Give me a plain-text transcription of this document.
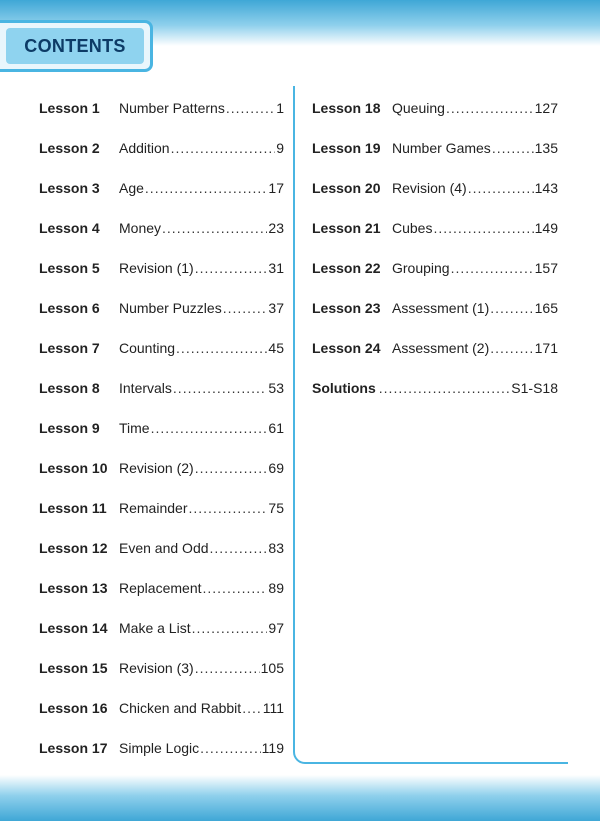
CONTENTS
Lesson 1	Number Patterns .....	1
Lesson 2	Addition .....	9
Lesson 3	Age .....	17
Lesson 4	Money .....	23
Lesson 5	Revision (1) .....	31
Lesson 6	Number Puzzles .....	37
Lesson 7	Counting .....	45
Lesson 8	Intervals .....	53
Lesson 9	Time .....	61
Lesson 10 Revision (2) .....	69
Lesson 11 Remainder .....	75
Lesson 12 Even and Odd .....	83
Lesson 13 Replacement .....	89
Lesson 14 Make a List .....	97
Lesson 15 Revision (3) .....	105
Lesson 16 Chicken and Rabbit ..... 111
Lesson 17 Simple Logic .....	119
Lesson 18 Queuing .....	127
Lesson 19 Number Games .....	135
Lesson 20 Revision (4) .....	143
Lesson 21 Cubes .....	149
Lesson 22 Grouping .....	157
Lesson 23 Assessment (1) .....	165
Lesson 24 Assessment (2) .....	171
Solutions .....	S1-S18
